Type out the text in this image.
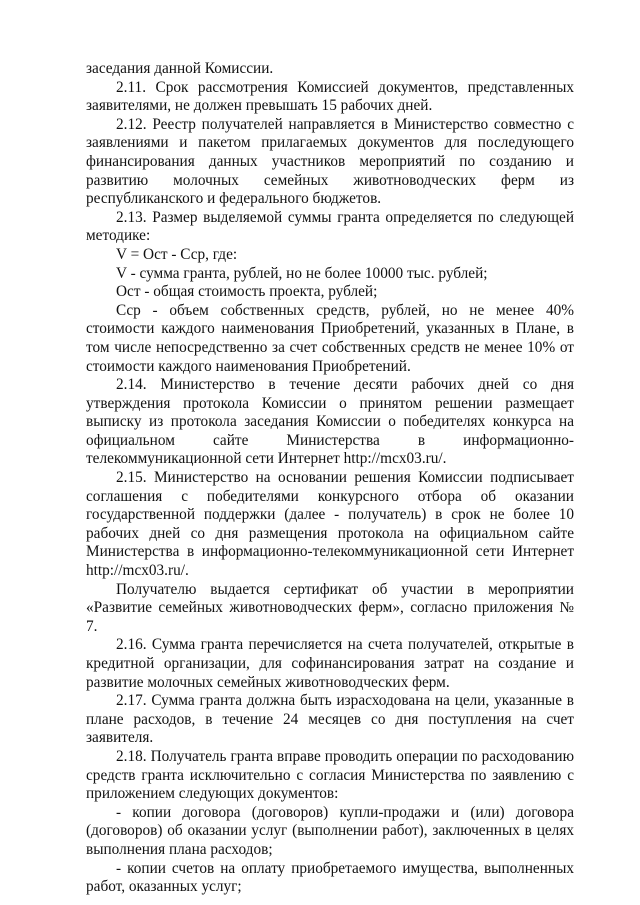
заседания данной Комиссии.

2.11. Срок рассмотрения Комиссией документов, представленных заявителями, не должен превышать 15 рабочих дней.

2.12. Реестр получателей направляется в Министерство совместно с заявлениями и пакетом прилагаемых документов для последующего финансирования данных участников мероприятий по созданию и развитию молочных семейных животноводческих ферм из республиканского и федерального бюджетов.

2.13. Размер выделяемой суммы гранта определяется по следующей методике:

V = Ост - Сср, где:

V - сумма гранта, рублей, но не более 10000 тыс. рублей;

Ост - общая стоимость проекта, рублей;

Сср - объем собственных средств, рублей, но не менее 40% стоимости каждого наименования Приобретений, указанных в Плане, в том числе непосредственно за счет собственных средств не менее 10% от стоимости каждого наименования Приобретений.

2.14. Министерство в течение десяти рабочих дней со дня утверждения протокола Комиссии о принятом решении размещает выписку из протокола заседания Комиссии о победителях конкурса на официальном сайте Министерства в информационно-телекоммуникационной сети Интернет http://mcx03.ru/.

2.15. Министерство на основании решения Комиссии подписывает соглашения с победителями конкурсного отбора об оказании государственной поддержки (далее - получатель) в срок не более 10 рабочих дней со дня размещения протокола на официальном сайте Министерства в информационно-телекоммуникационной сети Интернет http://mcx03.ru/.

Получателю выдается сертификат об участии в мероприятии «Развитие семейных животноводческих ферм», согласно приложения № 7.

2.16. Сумма гранта перечисляется на счета получателей, открытые в кредитной организации, для софинансирования затрат на создание и развитие молочных семейных животноводческих ферм.

2.17. Сумма гранта должна быть израсходована на цели, указанные в плане расходов, в течение 24 месяцев со дня поступления на счет заявителя.

2.18. Получатель гранта вправе проводить операции по расходованию средств гранта исключительно с согласия Министерства по заявлению с приложением следующих документов:

- копии договора (договоров) купли-продажи и (или) договора (договоров) об оказании услуг (выполнении работ), заключенных в целях выполнения плана расходов;

- копии счетов на оплату приобретаемого имущества, выполненных работ, оказанных услуг;
